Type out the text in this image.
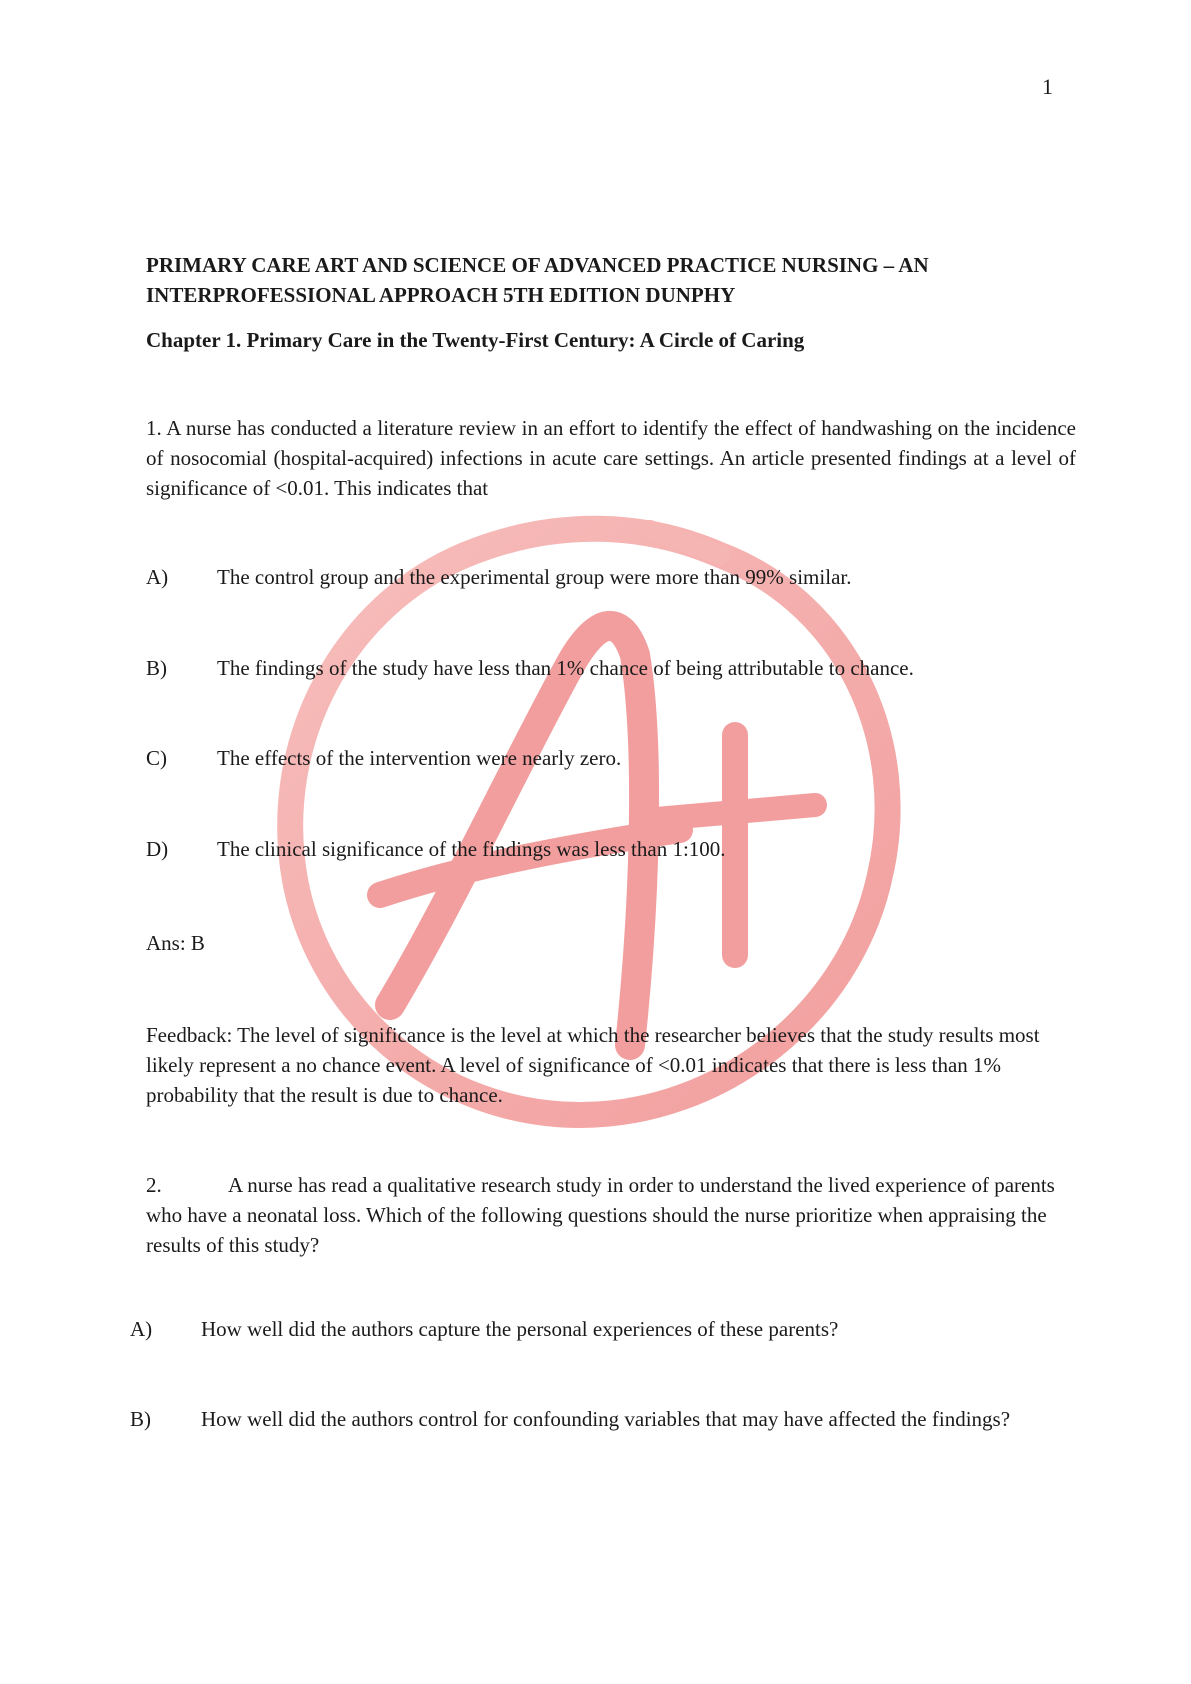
1
PRIMARY CARE ART AND SCIENCE OF ADVANCED PRACTICE NURSING – AN INTERPROFESSIONAL APPROACH 5TH EDITION DUNPHY
Chapter 1. Primary Care in the Twenty-First Century: A Circle of Caring
1. A nurse has conducted a literature review in an effort to identify the effect of handwashing on the incidence of nosocomial (hospital-acquired) infections in acute care settings. An article presented findings at a level of significance of <0.01. This indicates that
A) The control group and the experimental group were more than 99% similar.
B) The findings of the study have less than 1% chance of being attributable to chance.
C) The effects of the intervention were nearly zero.
D) The clinical significance of the findings was less than 1:100.
Ans: B
Feedback: The level of significance is the level at which the researcher believes that the study results most likely represent a no chance event. A level of significance of <0.01 indicates that there is less than 1% probability that the result is due to chance.
2.	A nurse has read a qualitative research study in order to understand the lived experience of parents who have a neonatal loss. Which of the following questions should the nurse prioritize when appraising the results of this study?
A) How well did the authors capture the personal experiences of these parents?
B) How well did the authors control for confounding variables that may have affected the findings?
